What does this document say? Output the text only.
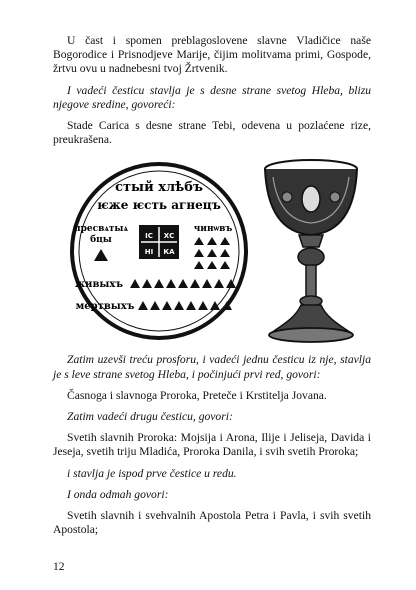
U čast i spomen preblagoslovene slavne Vladičice naše Bogorodice i Prisnodjeve Marije, čijim molitvama primi, Gospode, žrtvu ovu u nadnebesni tvoj Žrtvenik.

I vadeći česticu stavlja je s desne strane svetog Hleba, blizu njegove sredine, govoreći:

Stade Carica s desne strane Tebi, odevena u pozlaćene rize, preukrašena.

стый хлѣбъ
ѥже ѥсть агнецъ
пресвѧтыѧ
бцы
чинѡвъ
ІС ХС
НІ КА
живыхъ
мертвыхъ

Zatim uzevši treću prosforu, i vadeći jednu česticu iz nje, stavlja je s leve strane svetog Hleba, i počinjući prvi red, govori:

Časnoga i slavnoga Proroka, Preteče i Krstitelja Jovana.

Zatim vadeći drugu česticu, govori:

Svetih slavnih Proroka: Mojsija i Arona, Ilije i Jeliseja, Davida i Jeseja, svetih triju Mladića, Proroka Danila, i svih svetih Proroka;

i stavlja je ispod prve čestice u redu.

I onda odmah govori:

Svetih slavnih i svehvalnih Apostola Petra i Pavla, i svih svetih Apostola;

12
